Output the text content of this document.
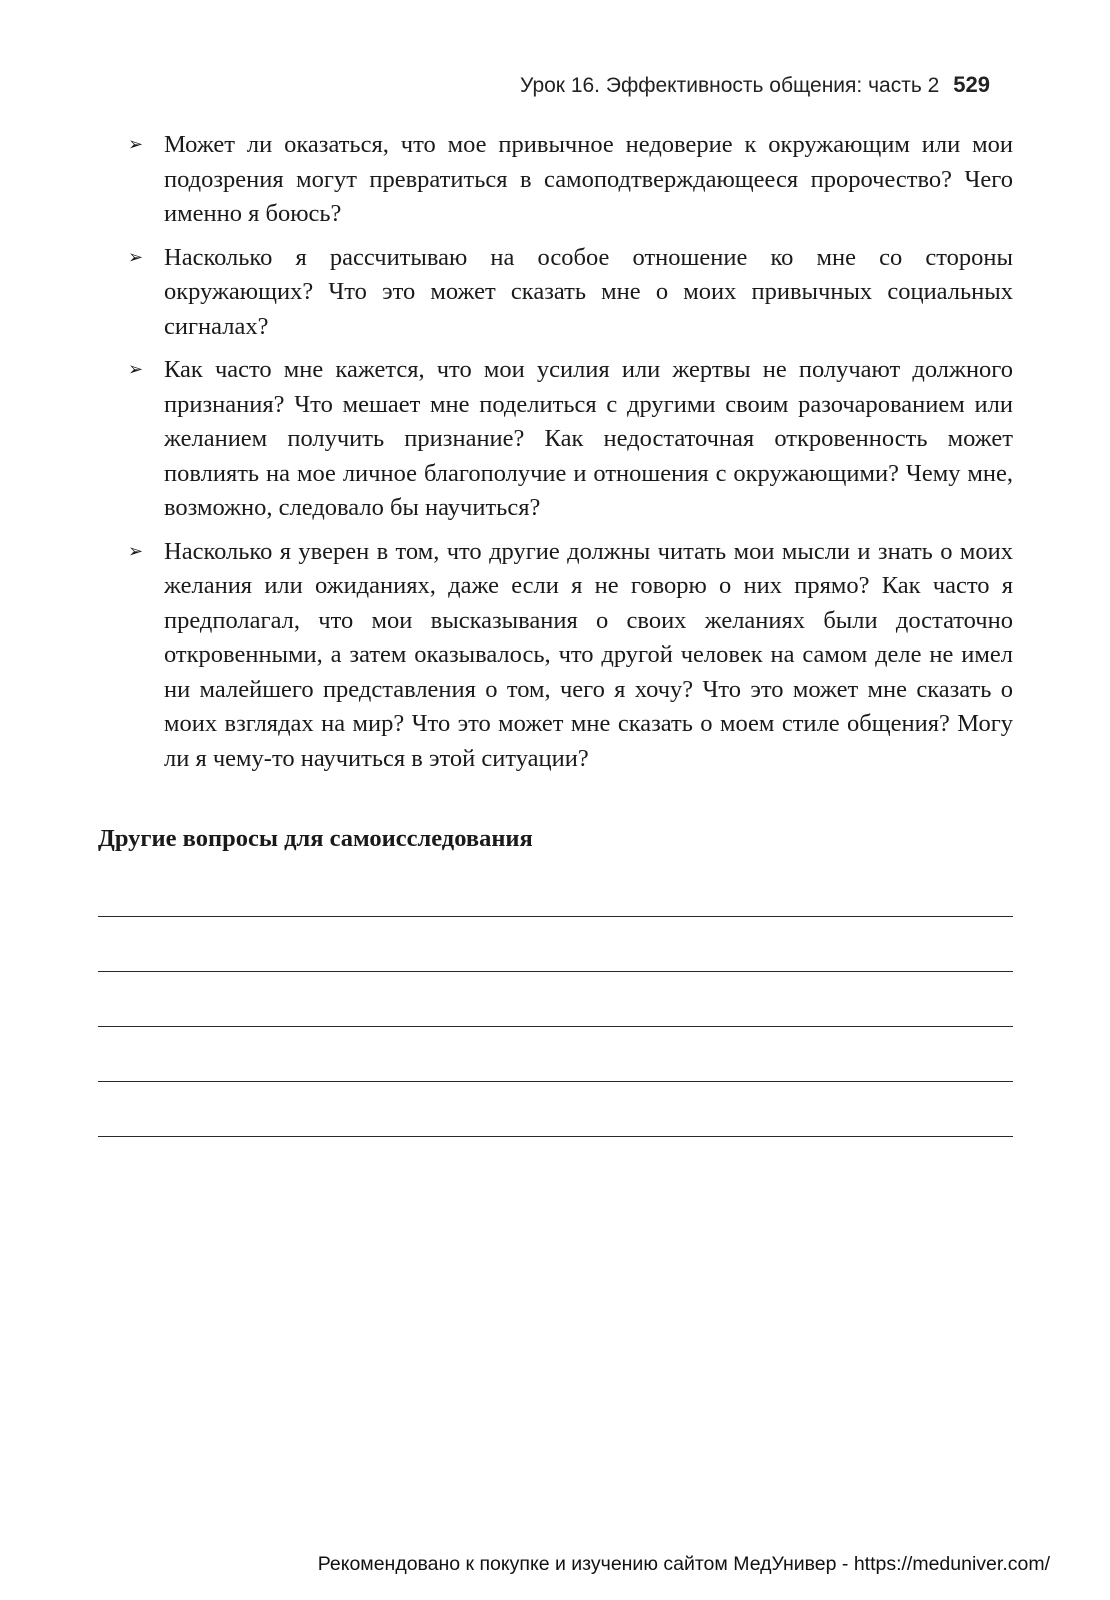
Урок 16. Эффективность общения: часть 2 529
➢ Может ли оказаться, что мое привычное недоверие к окружающим или мои подозрения могут превратиться в самоподтверждающееся пророчество? Чего именно я боюсь?
➢ Насколько я рассчитываю на особое отношение ко мне со стороны окружающих? Что это может сказать мне о моих привычных социальных сигналах?
➢ Как часто мне кажется, что мои усилия или жертвы не получают должного признания? Что мешает мне поделиться с другими своим разочарованием или желанием получить признание? Как недостаточная откровенность может повлиять на мое личное благополучие и отношения с окружающими? Чему мне, возможно, следовало бы научиться?
➢ Насколько я уверен в том, что другие должны читать мои мысли и знать о моих желания или ожиданиях, даже если я не говорю о них прямо? Как часто я предполагал, что мои высказывания о своих желаниях были достаточно откровенными, а затем оказывалось, что другой человек на самом деле не имел ни малейшего представления о том, чего я хочу? Что это может мне сказать о моих взглядах на мир? Что это может мне сказать о моем стиле общения? Могу ли я чему-то научиться в этой ситуации?
Другие вопросы для самоисследования
Рекомендовано к покупке и изучению сайтом МедУнивер - https://meduniver.com/
